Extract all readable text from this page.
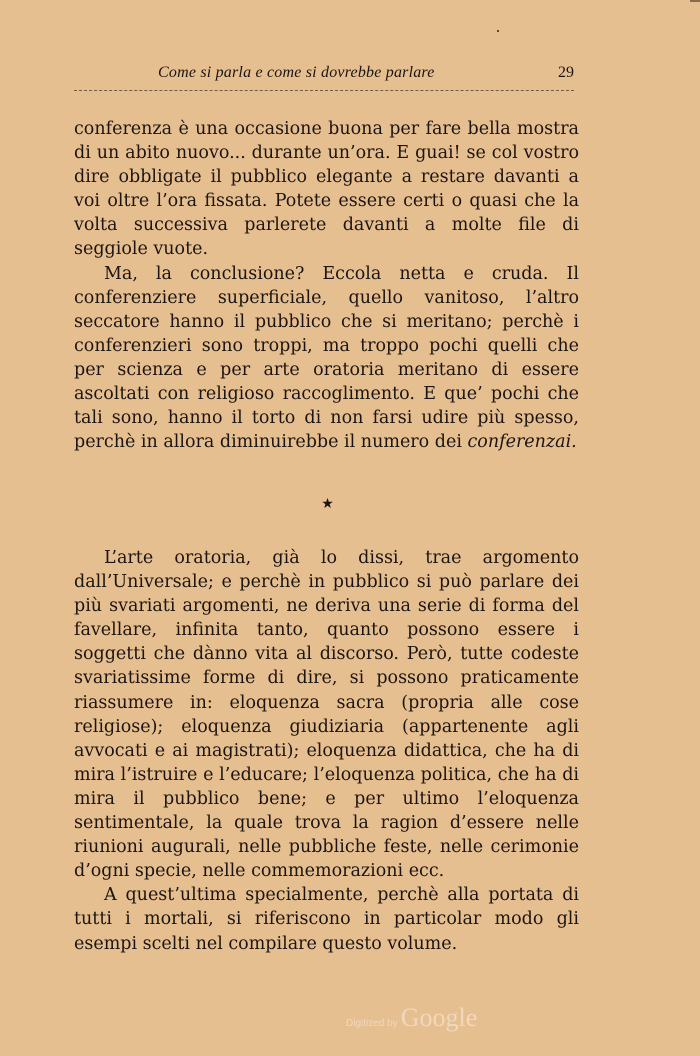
Come si parla e come si dovrebbe parlare	29

conferenza è una occasione buona per fare bella mostra di un abito nuovo... durante un’ora. E guai! se col vostro dire obbligate il pubblico elegante a restare davanti a voi oltre l’ora fissata. Potete essere certi o quasi che la volta successiva parlerete davanti a molte file di seggiole vuote.

Ma, la conclusione? Eccola netta e cruda. Il conferenziere superficiale, quello vanitoso, l’altro seccatore hanno il pubblico che si meritano; perchè i conferenzieri sono troppi, ma troppo pochi quelli che per scienza e per arte oratoria meritano di essere ascoltati con religioso raccoglimento. E que’ pochi che tali sono, hanno il torto di non farsi udire più spesso, perchè in allora diminuirebbe il numero dei conferenzai.

★

L’arte oratoria, già lo dissi, trae argomento dall’Universale; e perchè in pubblico si può parlare dei più svariati argomenti, ne deriva una serie di forma del favellare, infinita tanto, quanto possono essere i soggetti che dànno vita al discorso. Però, tutte codeste svariatissime forme di dire, si possono praticamente riassumere in: eloquenza sacra (propria alle cose religiose); eloquenza giudiziaria (appartenente agli avvocati e ai magistrati); eloquenza didattica, che ha di mira l’istruire e l’educare; l’eloquenza politica, che ha di mira il pubblico bene; e per ultimo l’eloquenza sentimentale, la quale trova la ragion d’essere nelle riunioni augurali, nelle pubbliche feste, nelle cerimonie d’ogni specie, nelle commemorazioni ecc.

A quest’ultima specialmente, perchè alla portata di tutti i mortali, si riferiscono in particolar modo gli esempi scelti nel compilare questo volume.

Digitized by Google
